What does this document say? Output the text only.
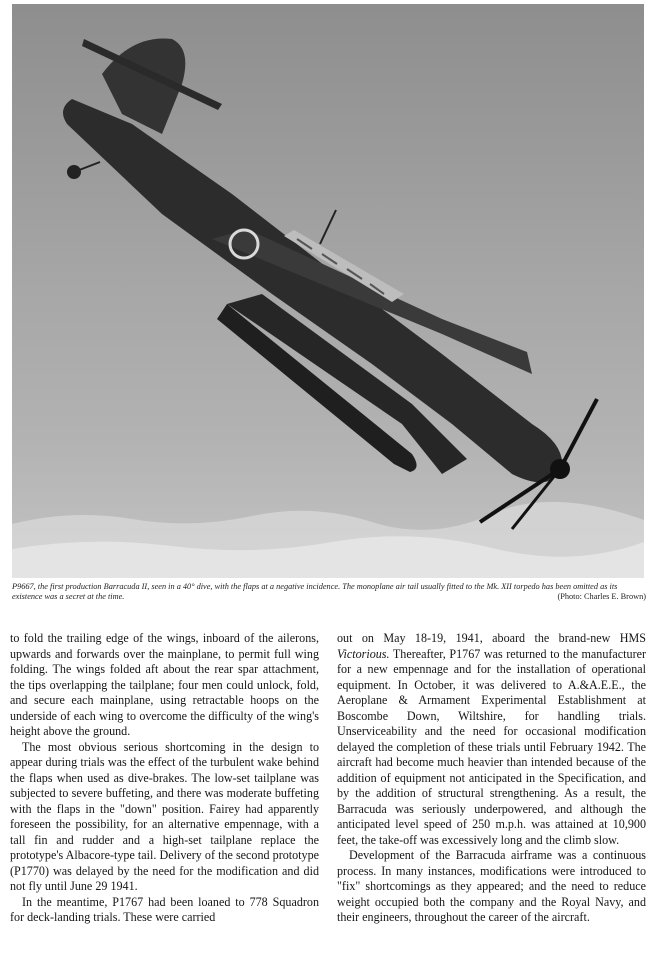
P9667, the first production Barracuda II, seen in a 40° dive, with the flaps at a negative incidence. The monoplane air tail usually fitted to the Mk. XII torpedo has been omitted as its existence was a secret at the time.	(Photo: Charles E. Brown)

to fold the trailing edge of the wings, inboard of the ailerons, upwards and forwards over the mainplane, to permit full wing folding. The wings folded aft about the rear spar attachment, the tips overlapping the tailplane; four men could unlock, fold, and secure each mainplane, using retractable hoops on the underside of each wing to overcome the difficulty of the wing's height above the ground.

The most obvious serious shortcoming in the design to appear during trials was the effect of the turbulent wake behind the flaps when used as dive-brakes. The low-set tailplane was subjected to severe buffeting, and there was moderate buffeting with the flaps in the "down" position. Fairey had apparently foreseen the possibility, for an alternative empennage, with a tall fin and rudder and a high-set tailplane replace the prototype's Albacore-type tail. Delivery of the second prototype (P1770) was delayed by the need for the modification and did not fly until June 29 1941.

In the meantime, P1767 had been loaned to 778 Squadron for deck-landing trials. These were carried

out on May 18-19, 1941, aboard the brand-new HMS Victorious. Thereafter, P1767 was returned to the manufacturer for a new empennage and for the installation of operational equipment. In October, it was delivered to A.&A.E.E., the Aeroplane & Armament Experimental Establishment at Boscombe Down, Wiltshire, for handling trials. Unserviceability and the need for occasional modification delayed the completion of these trials until February 1942. The aircraft had become much heavier than intended because of the addition of equipment not anticipated in the Specification, and by the addition of structural strengthening. As a result, the Barracuda was seriously underpowered, and although the anticipated level speed of 250 m.p.h. was attained at 10,900 feet, the take-off was excessively long and the climb slow.

Development of the Barracuda airframe was a continuous process. In many instances, modifications were introduced to "fix" shortcomings as they appeared; and the need to reduce weight occupied both the company and the Royal Navy, and their engineers, throughout the career of the aircraft.
